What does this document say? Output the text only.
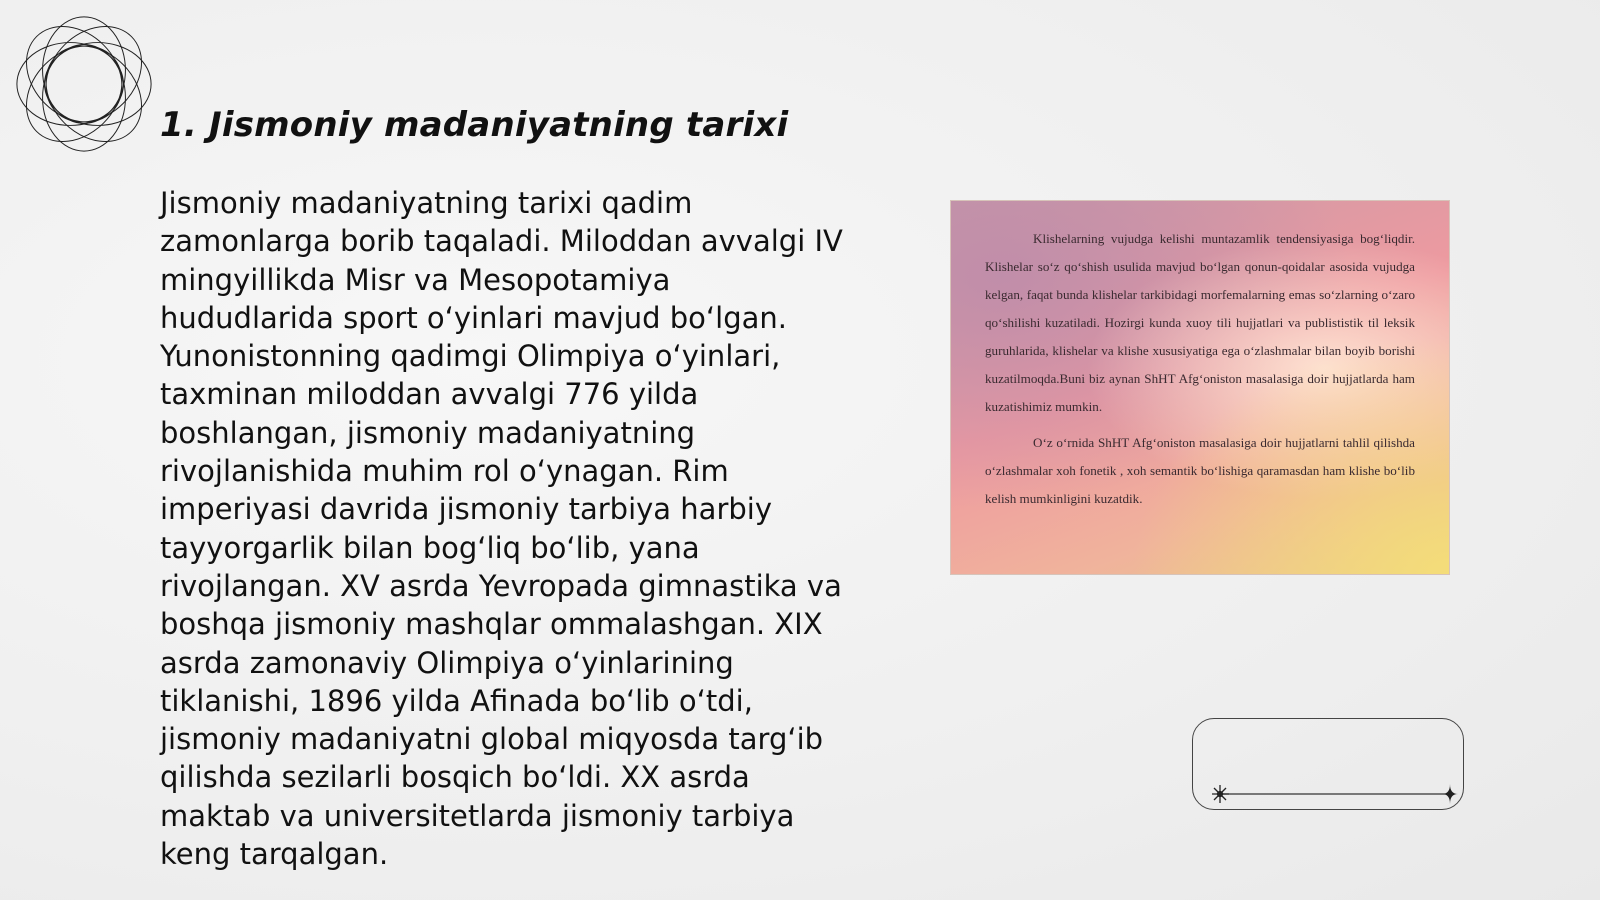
1. Jismoniy madaniyatning tarixi

Jismoniy madaniyatning tarixi qadim zamonlarga borib taqaladi. Miloddan avvalgi IV mingyillikda Misr va Mesopotamiya hududlarida sport oʻyinlari mavjud boʻlgan. Yunonistonning qadimgi Olimpiya oʻyinlari, taxminan miloddan avvalgi 776 yilda boshlangan, jismoniy madaniyatning rivojlanishida muhim rol oʻynagan. Rim imperiyasi davrida jismoniy tarbiya harbiy tayyorgarlik bilan bogʻliq boʻlib, yana rivojlangan. XV asrda Yevropada gimnastika va boshqa jismoniy mashqlar ommalashgan. XIX asrda zamonaviy Olimpiya oʻyinlarining tiklanishi, 1896 yilda Afinada boʻlib oʻtdi, jismoniy madaniyatni global miqyosda targʻib qilishda sezilarli bosqich boʻldi. XX asrda maktab va universitetlarda jismoniy tarbiya keng tarqalgan.

Klishelarning vujudga kelishi muntazamlik tendensiyasiga bog‘liqdir. Klishelar so‘z qo‘shish usulida mavjud bo‘lgan qonun-qoidalar asosida vujudga kelgan, faqat bunda klishelar tarkibidagi morfemalarning emas so‘zlarning o‘zaro qo‘shilishi kuzatiladi. Hozirgi kunda xuoy tili hujjatlari va publististik til leksik guruhlarida, klishelar va klishe xususiyatiga ega o‘zlashmalar bilan boyib borishi kuzatilmoqda.Buni biz aynan ShHT Afg‘oniston masalasiga doir hujjatlarda ham kuzatishimiz mumkin.

O‘z o‘rnida ShHT Afg‘oniston masalasiga doir hujjatlarni tahlil qilishda o‘zlashmalar xoh fonetik , xoh semantik bo‘lishiga qaramasdan ham klishe bo‘lib kelish mumkinligini kuzatdik.
